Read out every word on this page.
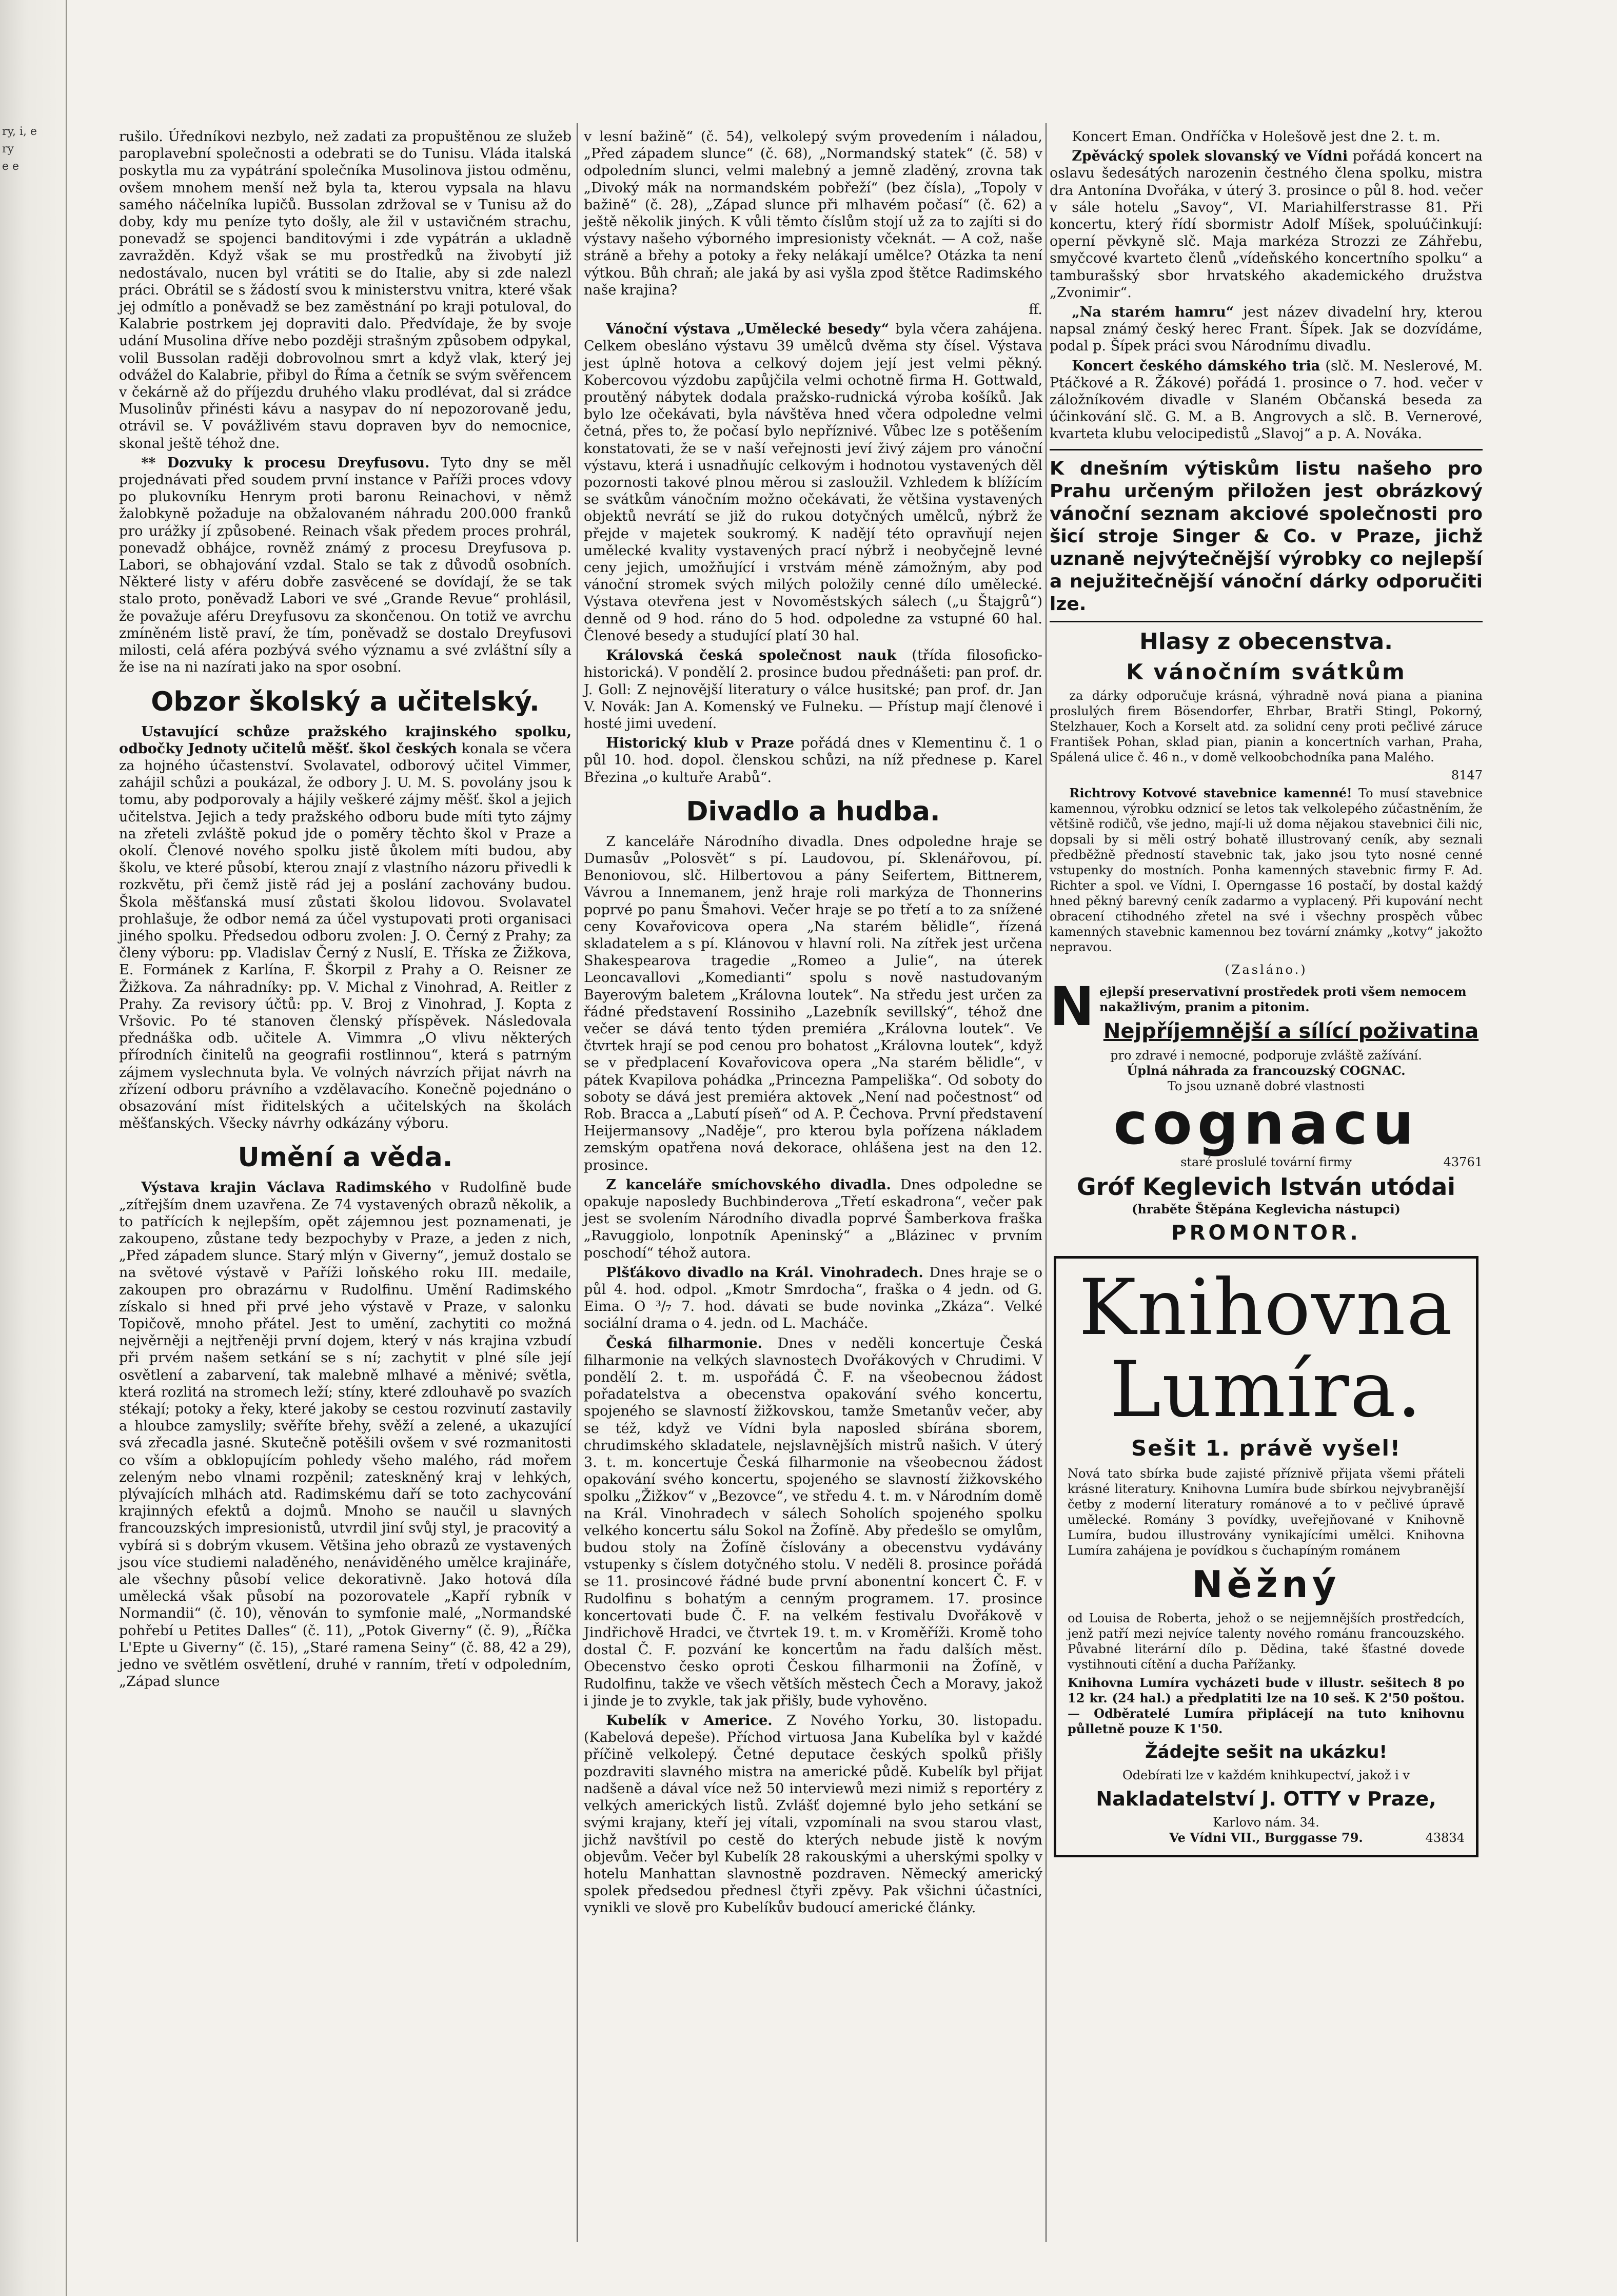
ry, i, e
ry
e e

rušilo. Úředníkovi nezbylo, než zadati za propuštěnou ze služeb paroplavební společnosti a odebrati se do Tunisu. Vláda italská poskytla mu za vypátrání společníka Musolinova jistou odměnu, ovšem mnohem menší než byla ta, kterou vypsala na hlavu samého náčelníka lupičů. Bussolan zdržoval se v Tunisu až do doby, kdy mu peníze tyto došly, ale žil v ustavičném strachu, ponevadž se spojenci banditovými i zde vypátrán a ukladně zavražděn. Když však se mu prostředků na živobytí již nedostávalo, nucen byl vrátiti se do Italie, aby si zde nalezl práci. Obrátil se s žádostí svou k ministerstvu vnitra, které však jej odmítlo a poněvadž se bez zaměstnání po kraji potuloval, do Kalabrie postrkem jej dopraviti dalo. Předvídaje, že by svoje udání Musolina dříve nebo později strašným způsobem odpykal, volil Bussolan raději dobrovolnou smrt a když vlak, který jej odvážel do Kalabrie, přibyl do Říma a četník se svým svěřencem v čekárně až do příjezdu druhého vlaku prodlévat, dal si zrádce Musolinův přinésti kávu a nasypav do ní nepozorovaně jedu, otrávil se. V povážlivém stavu dopraven byv do nemocnice, skonal ještě téhož dne.

** Dozvuky k procesu Dreyfusovu. Tyto dny se měl projednávati před soudem první instance v Paříži proces vdovy po plukovníku Henrym proti baronu Reinachovi, v němž žalobkyně požaduje na obžalovaném náhradu 200.000 franků pro urážky jí způsobené. Reinach však předem proces prohrál, ponevadž obhájce, rovněž známý z procesu Dreyfusova p. Labori, se obhajování vzdal. Stalo se tak z důvodů osobních. Některé listy v aféru dobře zasvěcené se dovídají, že se tak stalo proto, poněvadž Labori ve své „Grande Revue“ prohlásil, že považuje aféru Dreyfusovu za skončenou. On totiž ve avrchu zmíněném listě praví, že tím, poněvadž se dostalo Dreyfusovi milosti, celá aféra pozbývá svého významu a své zvláštní síly a že ise na ni nazírati jako na spor osobní.

Obzor školský a učitelský.

Ustavující schůze pražského krajinského spolku, odbočky Jednoty učitelů měšť. škol českých konala se včera za hojného účastenství. Svolavatel, odborový učitel Vimmer, zahájil schůzi a poukázal, že odbory J. U. M. S. povolány jsou k tomu, aby podporovaly a hájily veškeré zájmy měšť. škol a jejich učitelstva. Jejich a tedy pražského odboru bude míti tyto zájmy na zřeteli zvláště pokud jde o poměry těchto škol v Praze a okolí. Členové nového spolku jistě ůkolem míti budou, aby školu, ve které působí, kterou znají z vlastního názoru přivedli k rozkvětu, při čemž jistě rád jej a poslání zachovány budou. Škola měšťanská musí zůstati školou lidovou. Svolavatel prohlašuje, že odbor nemá za účel vystupovati proti organisaci jiného spolku. Předsedou odboru zvolen: J. O. Černý z Prahy; za členy výboru: pp. Vladislav Černý z Nuslí, E. Tříska ze Žižkova, E. Formánek z Karlína, F. Škorpil z Prahy a O. Reisner ze Žižkova. Za náhradníky: pp. V. Michal z Vinohrad, A. Reitler z Prahy. Za revisory účtů: pp. V. Broj z Vinohrad, J. Kopta z Vršovic. Po té stanoven členský příspěvek. Následovala přednáška odb. učitele A. Vimmra „O vlivu některých přírodních činitelů na geografii rostlinnou“, která s patrným zájmem vyslechnuta byla. Ve volných návrzích přijat návrh na zřízení odboru právního a vzdělavacího. Konečně pojednáno o obsazování míst řiditelských a učitelských na školách měšťanských. Všecky návrhy odkázány výboru.

Umění a věda.

Výstava krajin Václava Radimského v Rudolfině bude „zítřejším dnem uzavřena. Ze 74 vystavených obrazů několik, a to patřících k nejlepším, opět zájemnou jest poznamenati, je zakoupeno, zůstane tedy bezpochyby v Praze, a jeden z nich, „Před západem slunce. Starý mlýn v Giverny“, jemuž dostalo se na světové výstavě v Paříži loňského roku III. medaile, zakoupen pro obrazárnu v Rudolfinu. Umění Radimského získalo si hned při prvé jeho výstavě v Praze, v salonku Topičově, mnoho přátel. Jest to umění, zachytiti co možná nejvěrněji a nejtřeněji první dojem, který v nás krajina vzbudí při prvém našem setkání se s ní; zachytit v plné síle její osvětlení a zabarvení, tak malebně mlhavé a měnivé; světla, která rozlitá na stromech leží; stíny, které zdlouhavě po svazích stékají; potoky a řeky, které jakoby se cestou rozvinutí zastavily a hloubce zamyslily; svěříte břehy, svěží a zelené, a ukazující svá zřecadla jasné. Skutečně potěšili ovšem v své rozmanitosti co vším a obklopujícím pohledy všeho malého, rád mořem zeleným nebo vlnami rozpěnil; zateskněný kraj v lehkých, plývajících mlhách atd. Radimskému daří se toto zachycování krajinných efektů a dojmů. Mnoho se naučil u slavných francouzských impresionistů, utvrdil jiní svůj styl, je pracovitý a vybírá si s dobrým vkusem. Většina jeho obrazů ze vystavených jsou více studiemi naladěného, nenáviděného umělce krajináře, ale všechny působí velice dekorativně. Jako hotová díla umělecká však působí na pozorovatele „Kapří rybník v Normandii“ (č. 10), věnován to symfonie malé, „Normandské pohřebí u Petites Dalles“ (č. 11), „Potok Giverny“ (č. 9), „Říčka L'Epte u Giverny“ (č. 15), „Staré ramena Seiny“ (č. 88, 42 a 29), jedno ve světlém osvětlení, druhé v ranním, třetí v odpoledním, „Západ slunce

v lesní bažině“ (č. 54), velkolepý svým provedením i náladou, „Před západem slunce“ (č. 68), „Normandský statek“ (č. 58) v odpoledním slunci, velmi malebný a jemně zladěný, zrovna tak „Divoký mák na normandském pobřeží“ (bez čísla), „Topoly v bažině“ (č. 28), „Západ slunce při mlhavém počasí“ (č. 62) a ještě několik jiných. K vůli těmto číslům stojí už za to zajíti si do výstavy našeho výborného impresionisty včeknát. — A což, naše stráně a břehy a potoky a řeky nelákají umělce? Otázka ta není výtkou. Bůh chraň; ale jaká by asi vyšla zpod štětce Radimského naše krajina?

ff.

Vánoční výstava „Umělecké besedy“ byla včera zahájena. Celkem obesláno výstavu 39 umělců dvěma sty čísel. Výstava jest úplně hotova a celkový dojem její jest velmi pěkný. Kobercovou výzdobu zapůjčila velmi ochotně firma H. Gottwald, proutěný nábytek dodala pražsko-rudnická výroba košíků. Jak bylo lze očekávati, byla návštěva hned včera odpoledne velmi četná, přes to, že počasí bylo nepříznivé. Vůbec lze s potěšením konstatovati, že se v naší veřejnosti jeví živý zájem pro vánoční výstavu, která i usnadňujíc celkovým i hodnotou vystavených děl pozornosti takové plnou měrou si zasloužil. Vzhledem k blížícím se svátkům vánočním možno očekávati, že většina vystavených objektů nevrátí se již do rukou dotyčných umělců, nýbrž že přejde v majetek soukromý. K nadějí této opravňují nejen umělecké kvality vystavených prací nýbrž i neobyčejně levné ceny jejich, umožňující i vrstvám méně zámožným, aby pod vánoční stromek svých milých položily cenné dílo umělecké. Výstava otevřena jest v Novoměstských sálech („u Štajgrů“) denně od 9 hod. ráno do 5 hod. odpoledne za vstupné 60 hal. Členové besedy a studující platí 30 hal.

Královská česká společnost nauk (třída filosoficko-historická). V pondělí 2. prosince budou přednášeti: pan prof. dr. J. Goll: Z nejnovější literatury o válce husitské; pan prof. dr. Jan V. Novák: Jan A. Komenský ve Fulneku. — Přístup mají členové i hosté jimi uvedení.

Historický klub v Praze pořádá dnes v Klementinu č. 1 o půl 10. hod. dopol. členskou schůzi, na níž přednese p. Karel Březina „o kultuře Arabů“.

Divadlo a hudba.

Z kanceláře Národního divadla. Dnes odpoledne hraje se Dumasův „Polosvět“ s pí. Laudovou, pí. Sklenářovou, pí. Benoniovou, slč. Hilbertovou a pány Seifertem, Bittnerem, Vávrou a Innemanem, jenž hraje roli markýza de Thonnerins poprvé po panu Šmahovi. Večer hraje se po třetí a to za snížené ceny Kovařovicova opera „Na starém bělidle“, řízená skladatelem a s pí. Klánovou v hlavní roli. Na zítřek jest určena Shakespearova tragedie „Romeo a Julie“, na úterek Leoncavallovi „Komedianti“ spolu s nově nastudovaným Bayerovým baletem „Královna loutek“. Na středu jest určen za řádné představení Rossiniho „Lazebník sevillský“, téhož dne večer se dává tento týden premiéra „Královna loutek“. Ve čtvrtek hrají se pod cenou pro bohatost „Královna loutek“, když se v předplacení Kovařovicova opera „Na starém bělidle“, v pátek Kvapilova pohádka „Princezna Pampeliška“. Od soboty do soboty se dává jest premiéra aktovek „Není nad počestnost“ od Rob. Bracca a „Labutí píseň“ od A. P. Čechova. První představení Heijermansovy „Naděje“, pro kterou byla pořízena nákladem zemským opatřena nová dekorace, ohlášena jest na den 12. prosince.

Z kanceláře smíchovského divadla. Dnes odpoledne se opakuje naposledy Buchbinderova „Třetí eskadrona“, večer pak jest se svolením Národního divadla poprvé Šamberkova fraška „Ravuggiolo, lonpotník Apeninský“ a „Blázinec v prvním poschodí“ téhož autora.

Plšťákovo divadlo na Král. Vinohradech. Dnes hraje se o půl 4. hod. odpol. „Kmotr Smrdocha“, fraška o 4 jedn. od G. Eima. O ³/₇ 7. hod. dávati se bude novinka „Zkáza“. Velké sociální drama o 4. jedn. od L. Macháče.

Česká filharmonie. Dnes v neděli koncertuje Česká filharmonie na velkých slavnostech Dvořákových v Chrudimi. V pondělí 2. t. m. uspořádá Č. F. na všeobecnou žádost pořadatelstva a obecenstva opakování svého koncertu, spojeného se slavností žižkovskou, tamže Smetanův večer, aby se též, když ve Vídni byla naposled sbírána sborem, chrudimského skladatele, nejslavnějších mistrů našich. V úterý 3. t. m. koncertuje Česká filharmonie na všeobecnou žádost opakování svého koncertu, spojeného se slavností žižkovského spolku „Žižkov“ v „Bezovce“, ve středu 4. t. m. v Národním domě na Král. Vinohradech v sálech Soholích spojeného spolku velkého koncertu sálu Sokol na Žofíně. Aby předešlo se omylům, budou stoly na Žofíně číslovány a obecenstvu vydávány vstupenky s číslem dotyčného stolu. V neděli 8. prosince pořádá se 11. prosincové řádné bude první abonentní koncert Č. F. v Rudolfinu s bohatým a cenným programem. 17. prosince koncertovati bude Č. F. na velkém festivalu Dvořákově v Jindřichově Hradci, ve čtvrtek 19. t. m. v Kroměříži. Kromě toho dostal Č. F. pozvání ke koncertům na řadu dalších měst. Obecenstvo česko oproti Českou filharmonii na Žofíně, v Rudolfinu, takže ve všech větších městech Čech a Moravy, jakož i jinde je to zvykle, tak jak přišly, bude vyhověno.

Kubelík v Americe. Z Nového Yorku, 30. listopadu. (Kabelová depeše). Příchod virtuosa Jana Kubelíka byl v každé příčině velkolepý. Četné deputace českých spolků přišly pozdraviti slavného mistra na americké půdě. Kubelík byl přijat nadšeně a dával více než 50 interviewů mezi nimiž s reportéry z velkých amerických listů. Zvlášť dojemné bylo jeho setkání se svými krajany, kteří jej vítali, vzpomínali na svou starou vlast, jichž navštívil po cestě do kterých nebude jistě k novým objevům. Večer byl Kubelík 28 rakouskými a uherskými spolky v hotelu Manhattan slavnostně pozdraven. Německý americký spolek předsedou přednesl čtyři zpěvy. Pak všichni účastníci, vynikli ve slově pro Kubelíkův budoucí americké články.

Koncert Eman. Ondříčka v Holešově jest dne 2. t. m.

Zpěvácký spolek slovanský ve Vídni pořádá koncert na oslavu šedesátých narozenin čestného člena spolku, mistra dra Antonína Dvořáka, v úterý 3. prosince o půl 8. hod. večer v sále hotelu „Savoy“, VI. Mariahilferstrasse 81. Při koncertu, který řídí sbormistr Adolf Míšek, spoluúčinkují: operní pěvkyně slč. Maja markéza Strozzi ze Záhřebu, smyčcové kvarteto členů „vídeňského koncertního spolku“ a tamburašský sbor hrvatského akademického družstva „Zvonimir“.

„Na starém hamru“ jest název divadelní hry, kterou napsal známý český herec Frant. Šípek. Jak se dozvídáme, podal p. Šípek práci svou Národnímu divadlu.

Koncert českého dámského tria (slč. M. Neslerové, M. Ptáčkové a R. Žákové) pořádá 1. prosince o 7. hod. večer v záložníkovém divadle v Slaném Občanská beseda za účinkování slč. G. M. a B. Angrovych a slč. B. Vernerové, kvarteta klubu velocipedistů „Slavoj“ a p. A. Nováka.

K dnešním výtiskům listu našeho pro Prahu určeným přiložen jest obrázkový vánoční seznam akciové společnosti pro šicí stroje Singer & Co. v Praze, jichž uznaně nejvýtečnější výrobky co nejlepší a nejužitečnější vánoční dárky odporučiti lze.
Hlasy z obecenstva.
K vánočním svátkům

za dárky odporučuje krásná, výhradně nová piana a pianina proslulých firem Bösendorfer, Ehrbar, Bratři Stingl, Pokorný, Stelzhauer, Koch a Korselt atd. za solidní ceny proti pečlivé záruce František Pohan, sklad pian, pianin a koncertních varhan, Praha, Spálená ulice č. 46 n., v domě velkoobchodníka pana Malého.

8147

Richtrovy Kotvové stavebnice kamenné! To musí stavebnice kamennou, výrobku odznicí se letos tak velkolepého zúčastněním, že většině rodičů, vše jedno, mají-li už doma nějakou stavebnici čili nic, dopsali by si měli ostrý bohatě illustrovaný ceník, aby seznali předběžně předností stavebnic tak, jako jsou tyto nosné cenné vstupenky do mostních. Ponha kamenných stavebnic firmy F. Ad. Richter a spol. ve Vídni, I. Operngasse 16 postačí, by dostal každý hned pěkný barevný ceník zadarmo a vyplacený. Při kupování necht obracení ctihodného zřetel na své i všechny prospěch vůbec kamenných stavebnic kamennou bez tovární známky „kotvy“ jakožto nepravou.

(Zasláno.)

N ejlepší preservativní prostředek proti všem nemocem nakažlivým, pranim a pitonim.
Nejpříjemnější a sílící poživatina
pro zdravé i nemocné, podporuje zvláště zažívání.
Úplná náhrada za francouzský COGNAC.
To jsou uznaně dobré vlastnosti
cognacu
staré proslulé tovární firmy	43761
Gróf Keglevich István utódai
(hraběte Štěpána Keglevicha nástupci)
PROMONTOR.
Knihovna Lumíra.
Sešit 1. právě vyšel!
Nová tato sbírka bude zajisté příznivě přijata všemi přáteli krásné literatury. Knihovna Lumíra bude sbírkou nejvybranější četby z moderní literatury románové a to v pečlivé úpravě umělecké. Romány 3 povídky, uveřejňované v Knihovně Lumíra, budou illustrovány vynikajícími umělci. Knihovna Lumíra zahájena je povídkou s čuchapíným románem
Něžný
od Louisa de Roberta, jehož o se nejjemnějších prostředcích, jenž patří mezi nejvíce talenty nového románu francouzského. Půvabné literární dílo p. Dědina, také šťastné dovede vystihnouti cítění a ducha Pařížanky.
Knihovna Lumíra vycházeti bude v illustr. sešitech 8 po 12 kr. (24 hal.) a předplatiti lze na 10 seš. K 2'50 poštou. — Odběratelé Lumíra připlácejí na tuto knihovnu půlletně pouze K 1'50.
Žádejte sešit na ukázku!
Odebírati lze v každém knihkupectví, jakož i v
Nakladatelství J. OTTY v Praze,
Karlovo nám. 34.
Ve Vídni VII., Burggasse 79.	43834
